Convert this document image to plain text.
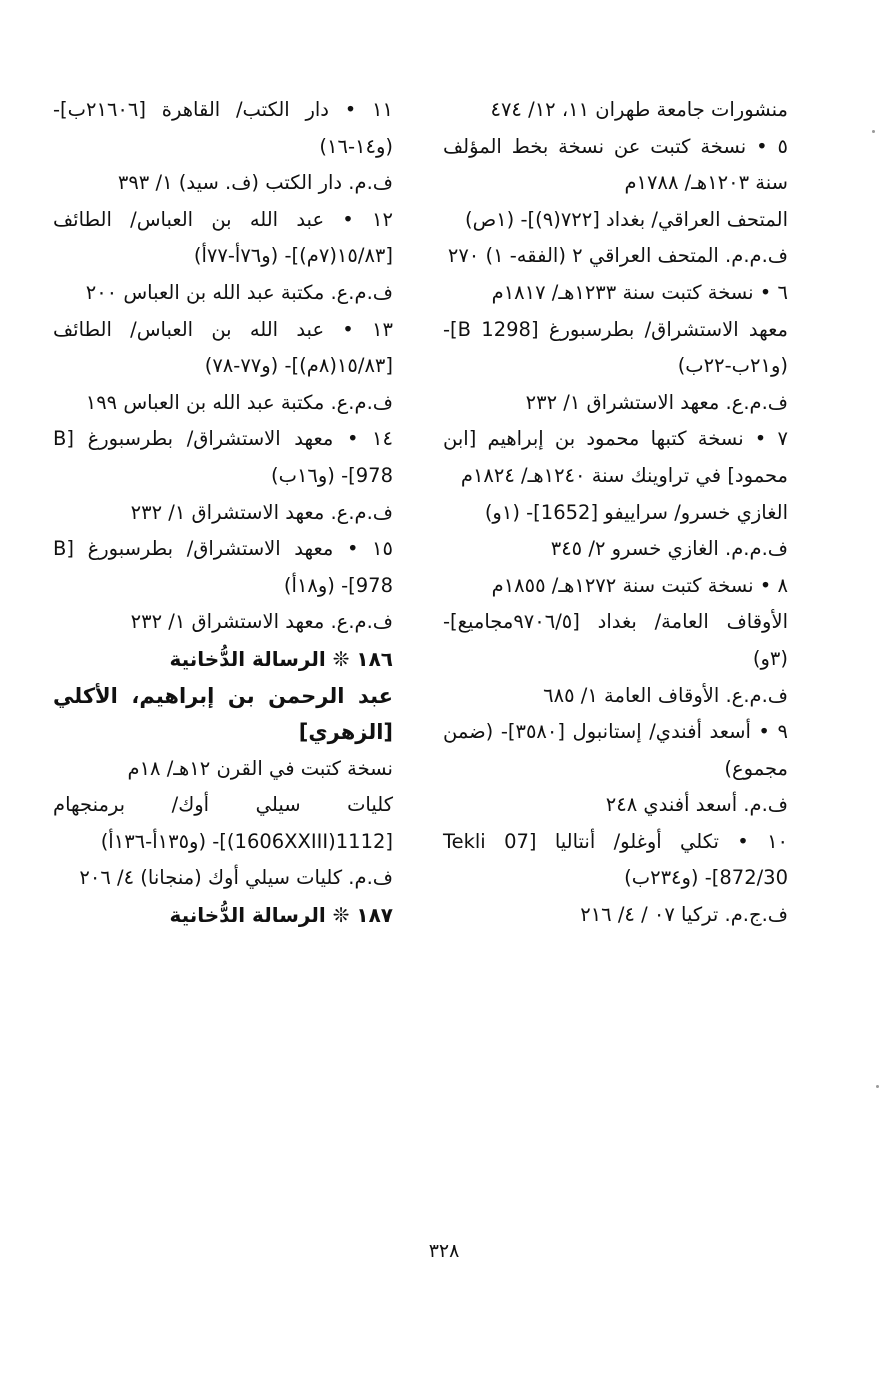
منشورات جامعة طهران ١١، ١٢/ ٤٧٤
٥ • نسخة كتبت عن نسخة بخط المؤلف سنة ١٢٠٣هـ/ ١٧٨٨م
المتحف العراقي/ بغداد [٧٢٢(٩)]- (١ص)
ف.م.م. المتحف العراقي ٢ (الفقه- ١) ٢٧٠
٦ • نسخة كتبت سنة ١٢٣٣هـ/ ١٨١٧م
معهد الاستشراق/ بطرسبورغ [B 1298]- (و٢١ب-٢٢ب)
ف.م.ع. معهد الاستشراق ١/ ٢٣٢
٧ • نسخة كتبها محمود بن إبراهيم [ابن محمود] في تراوينك سنة ١٢٤٠هـ/ ١٨٢٤م
الغازي خسرو/ سراييفو [1652]- (١و)
ف.م.م. الغازي خسرو ٢/ ٣٤٥
٨ • نسخة كتبت سنة ١٢٧٢هـ/ ١٨٥٥م
الأوقاف العامة/ بغداد [٩٧٠٦/٥مجاميع]- (٣و)
ف.م.ع. الأوقاف العامة ١/ ٦٨٥
٩ • أسعد أفندي/ إستانبول [٣٥٨٠]- (ضمن مجموع)
ف.م. أسعد أفندي ٢٤٨
١٠ • تكلي أوغلو/ أنتاليا [07 Tekli 872/30]- (و٢٣٤ب)
ف.ج.م. تركيا ٠٧ / ٤/ ٢١٦
١١ • دار الكتب/ القاهرة [٢١٦٠٦ب]- (و١٤-١٦)
ف.م. دار الكتب (ف. سيد) ١/ ٣٩٣
١٢ • عبد الله بن العباس/ الطائف [١٥/٨٣(٧م)]- (و٧٦أ-٧٧أ)
ف.م.ع. مكتبة عبد الله بن العباس ٢٠٠
١٣ • عبد الله بن العباس/ الطائف [١٥/٨٣(٨م)]- (و٧٧-٧٨)
ف.م.ع. مكتبة عبد الله بن العباس ١٩٩
١٤ • معهد الاستشراق/ بطرسبورغ [B 978]- (و١٦ب)
ف.م.ع. معهد الاستشراق ١/ ٢٣٢
١٥ • معهد الاستشراق/ بطرسبورغ [B 978]- (و١٨أ)
ف.م.ع. معهد الاستشراق ١/ ٢٣٢
١٨٦ ❊ الرسالة الدُّخانية
عبد الرحمن بن إبراهيم، الأكلي [الزهري]
نسخة كتبت في القرن ١٢هـ/ ١٨م
كليات سيلي أوك/ برمنجهام [1112(1606XXIII)]- (و١٣٥أ-١٣٦أ)
ف.م. كليات سيلي أوك (منجانا) ٤/ ٢٠٦
١٨٧ ❊ الرسالة الدُّخانية
٣٢٨
